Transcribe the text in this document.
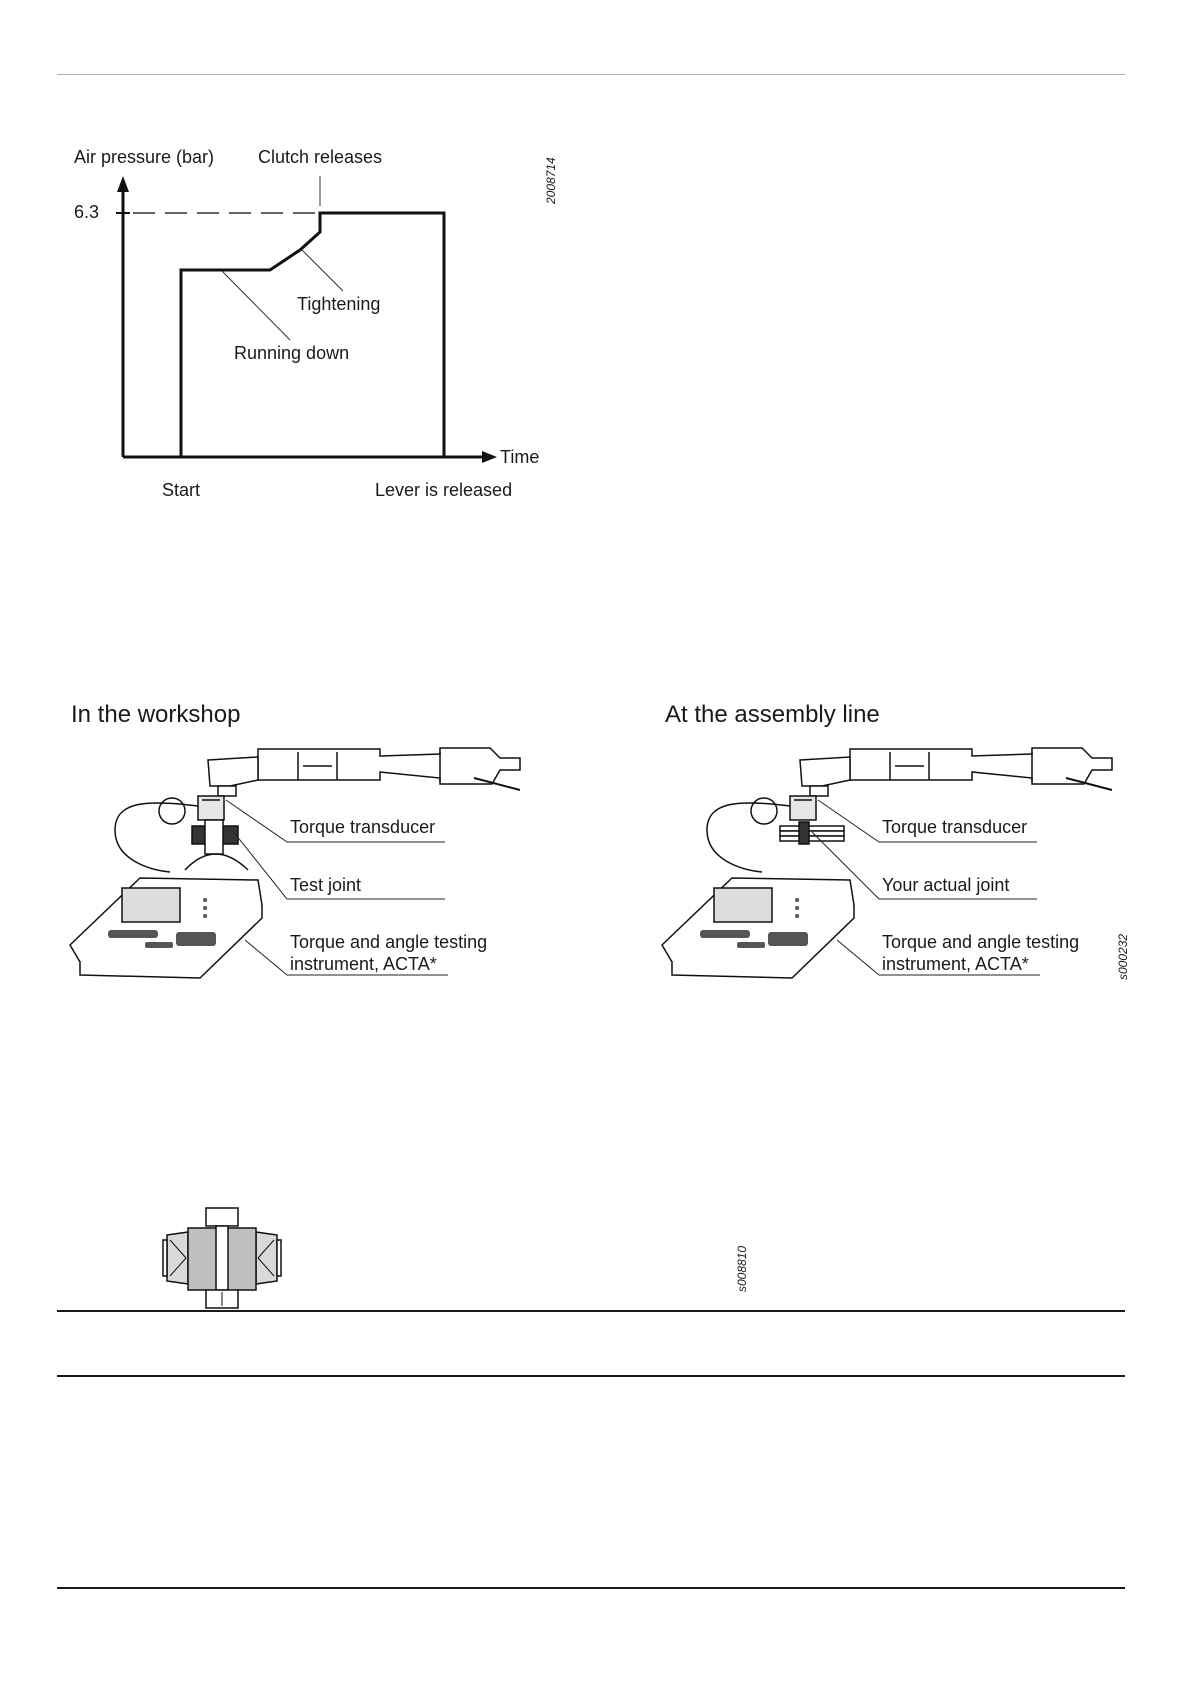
Air pressure (bar) Clutch releases
6.3
Tightening
Running down
Time
Start	Lever is released
2008714
In the workshop
Torque transducer
Test joint
Torque and angle testing
instrument, ACTA*
At the assembly line
Torque transducer
Your actual joint
Torque and angle testing
instrument, ACTA*	s000232
s008810
